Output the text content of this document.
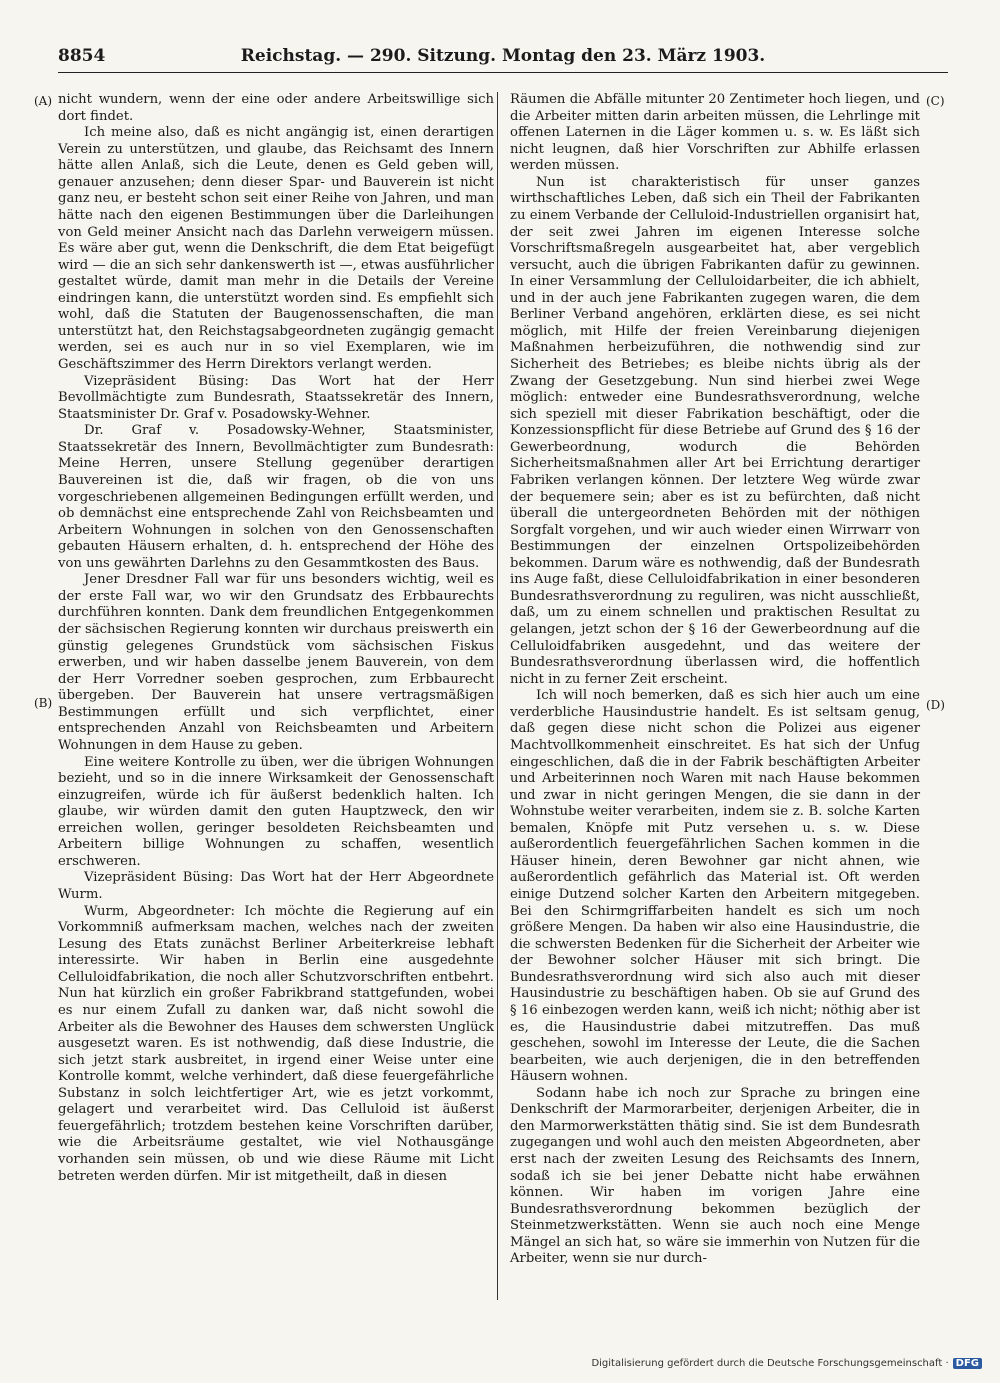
8854	Reichstag. — 290. Sitzung. Montag den 23. März 1903.
(A)
(B)
(C)
(D)

nicht wundern, wenn der eine oder andere Arbeitswillige sich dort findet.

Ich meine also, daß es nicht angängig ist, einen derartigen Verein zu unterstützen, und glaube, das Reichsamt des Innern hätte allen Anlaß, sich die Leute, denen es Geld geben will, genauer anzusehen; denn dieser Spar- und Bauverein ist nicht ganz neu, er besteht schon seit einer Reihe von Jahren, und man hätte nach den eigenen Bestimmungen über die Darleihungen von Geld meiner Ansicht nach das Darlehn verweigern müssen. Es wäre aber gut, wenn die Denkschrift, die dem Etat beigefügt wird — die an sich sehr dankenswerth ist —, etwas ausführlicher gestaltet würde, damit man mehr in die Details der Vereine eindringen kann, die unterstützt worden sind. Es empfiehlt sich wohl, daß die Statuten der Baugenossenschaften, die man unterstützt hat, den Reichstagsabgeordneten zugängig gemacht werden, sei es auch nur in so viel Exemplaren, wie im Geschäftszimmer des Herrn Direktors verlangt werden.

Vizepräsident Büsing: Das Wort hat der Herr Bevollmächtigte zum Bundesrath, Staatssekretär des Innern, Staatsminister Dr. Graf v. Posadowsky-Wehner.

Dr. Graf v. Posadowsky-Wehner, Staatsminister, Staatssekretär des Innern, Bevollmächtigter zum Bundesrath: Meine Herren, unsere Stellung gegenüber derartigen Bauvereinen ist die, daß wir fragen, ob die von uns vorgeschriebenen allgemeinen Bedingungen erfüllt werden, und ob demnächst eine entsprechende Zahl von Reichsbeamten und Arbeitern Wohnungen in solchen von den Genossenschaften gebauten Häusern erhalten, d. h. entsprechend der Höhe des von uns gewährten Darlehns zu den Gesammtkosten des Baus.

Jener Dresdner Fall war für uns besonders wichtig, weil es der erste Fall war, wo wir den Grundsatz des Erbbaurechts durchführen konnten. Dank dem freundlichen Entgegenkommen der sächsischen Regierung konnten wir durchaus preiswerth ein günstig gelegenes Grundstück vom sächsischen Fiskus erwerben, und wir haben dasselbe jenem Bauverein, von dem der Herr Vorredner soeben gesprochen, zum Erbbaurecht übergeben. Der Bauverein hat unsere vertragsmäßigen Bestimmungen erfüllt und sich verpflichtet, einer entsprechenden Anzahl von Reichsbeamten und Arbeitern Wohnungen in dem Hause zu geben.

Eine weitere Kontrolle zu üben, wer die übrigen Wohnungen bezieht, und so in die innere Wirksamkeit der Genossenschaft einzugreifen, würde ich für äußerst bedenklich halten. Ich glaube, wir würden damit den guten Hauptzweck, den wir erreichen wollen, geringer besoldeten Reichsbeamten und Arbeitern billige Wohnungen zu schaffen, wesentlich erschweren.

Vizepräsident Büsing: Das Wort hat der Herr Abgeordnete Wurm.

Wurm, Abgeordneter: Ich möchte die Regierung auf ein Vorkommniß aufmerksam machen, welches nach der zweiten Lesung des Etats zunächst Berliner Arbeiterkreise lebhaft interessirte. Wir haben in Berlin eine ausgedehnte Celluloidfabrikation, die noch aller Schutzvorschriften entbehrt. Nun hat kürzlich ein großer Fabrikbrand stattgefunden, wobei es nur einem Zufall zu danken war, daß nicht sowohl die Arbeiter als die Bewohner des Hauses dem schwersten Unglück ausgesetzt waren. Es ist nothwendig, daß diese Industrie, die sich jetzt stark ausbreitet, in irgend einer Weise unter eine Kontrolle kommt, welche verhindert, daß diese feuergefährliche Substanz in solch leichtfertiger Art, wie es jetzt vorkommt, gelagert und verarbeitet wird. Das Celluloid ist äußerst feuergefährlich; trotzdem bestehen keine Vorschriften darüber, wie die Arbeitsräume gestaltet, wie viel Nothausgänge vorhanden sein müssen, ob und wie diese Räume mit Licht betreten werden dürfen. Mir ist mitgetheilt, daß in diesen

Räumen die Abfälle mitunter 20 Zentimeter hoch liegen, und die Arbeiter mitten darin arbeiten müssen, die Lehrlinge mit offenen Laternen in die Läger kommen u. s. w. Es läßt sich nicht leugnen, daß hier Vorschriften zur Abhilfe erlassen werden müssen.

Nun ist charakteristisch für unser ganzes wirthschaftliches Leben, daß sich ein Theil der Fabrikanten zu einem Verbande der Celluloid-Industriellen organisirt hat, der seit zwei Jahren im eigenen Interesse solche Vorschriftsmaßregeln ausgearbeitet hat, aber vergeblich versucht, auch die übrigen Fabrikanten dafür zu gewinnen. In einer Versammlung der Celluloidarbeiter, die ich abhielt, und in der auch jene Fabrikanten zugegen waren, die dem Berliner Verband angehören, erklärten diese, es sei nicht möglich, mit Hilfe der freien Vereinbarung diejenigen Maßnahmen herbeizuführen, die nothwendig sind zur Sicherheit des Betriebes; es bleibe nichts übrig als der Zwang der Gesetzgebung. Nun sind hierbei zwei Wege möglich: entweder eine Bundesrathsverordnung, welche sich speziell mit dieser Fabrikation beschäftigt, oder die Konzessionspflicht für diese Betriebe auf Grund des § 16 der Gewerbeordnung, wodurch die Behörden Sicherheitsmaßnahmen aller Art bei Errichtung derartiger Fabriken verlangen können. Der letztere Weg würde zwar der bequemere sein; aber es ist zu befürchten, daß nicht überall die untergeordneten Behörden mit der nöthigen Sorgfalt vorgehen, und wir auch wieder einen Wirrwarr von Bestimmungen der einzelnen Ortspolizeibehörden bekommen. Darum wäre es nothwendig, daß der Bundesrath ins Auge faßt, diese Celluloidfabrikation in einer besonderen Bundesrathsverordnung zu reguliren, was nicht ausschließt, daß, um zu einem schnellen und praktischen Resultat zu gelangen, jetzt schon der § 16 der Gewerbeordnung auf die Celluloidfabriken ausgedehnt, und das weitere der Bundesrathsverordnung überlassen wird, die hoffentlich nicht in zu ferner Zeit erscheint.

Ich will noch bemerken, daß es sich hier auch um eine verderbliche Hausindustrie handelt. Es ist seltsam genug, daß gegen diese nicht schon die Polizei aus eigener Machtvollkommenheit einschreitet. Es hat sich der Unfug eingeschlichen, daß die in der Fabrik beschäftigten Arbeiter und Arbeiterinnen noch Waren mit nach Hause bekommen und zwar in nicht geringen Mengen, die sie dann in der Wohnstube weiter verarbeiten, indem sie z. B. solche Karten bemalen, Knöpfe mit Putz versehen u. s. w. Diese außerordentlich feuergefährlichen Sachen kommen in die Häuser hinein, deren Bewohner gar nicht ahnen, wie außerordentlich gefährlich das Material ist. Oft werden einige Dutzend solcher Karten den Arbeitern mitgegeben. Bei den Schirmgriffarbeiten handelt es sich um noch größere Mengen. Da haben wir also eine Hausindustrie, die die schwersten Bedenken für die Sicherheit der Arbeiter wie der Bewohner solcher Häuser mit sich bringt. Die Bundesrathsverordnung wird sich also auch mit dieser Hausindustrie zu beschäftigen haben. Ob sie auf Grund des § 16 einbezogen werden kann, weiß ich nicht; nöthig aber ist es, die Hausindustrie dabei mitzutreffen. Das muß geschehen, sowohl im Interesse der Leute, die die Sachen bearbeiten, wie auch derjenigen, die in den betreffenden Häusern wohnen.

Sodann habe ich noch zur Sprache zu bringen eine Denkschrift der Marmorarbeiter, derjenigen Arbeiter, die in den Marmorwerkstätten thätig sind. Sie ist dem Bundesrath zugegangen und wohl auch den meisten Abgeordneten, aber erst nach der zweiten Lesung des Reichsamts des Innern, sodaß ich sie bei jener Debatte nicht habe erwähnen können. Wir haben im vorigen Jahre eine Bundesrathsverordnung bekommen bezüglich der Steinmetzwerkstätten. Wenn sie auch noch eine Menge Mängel an sich hat, so wäre sie immerhin von Nutzen für die Arbeiter, wenn sie nur durch-

Digitalisierung gefördert durch die Deutsche Forschungsgemeinschaft · DFG
